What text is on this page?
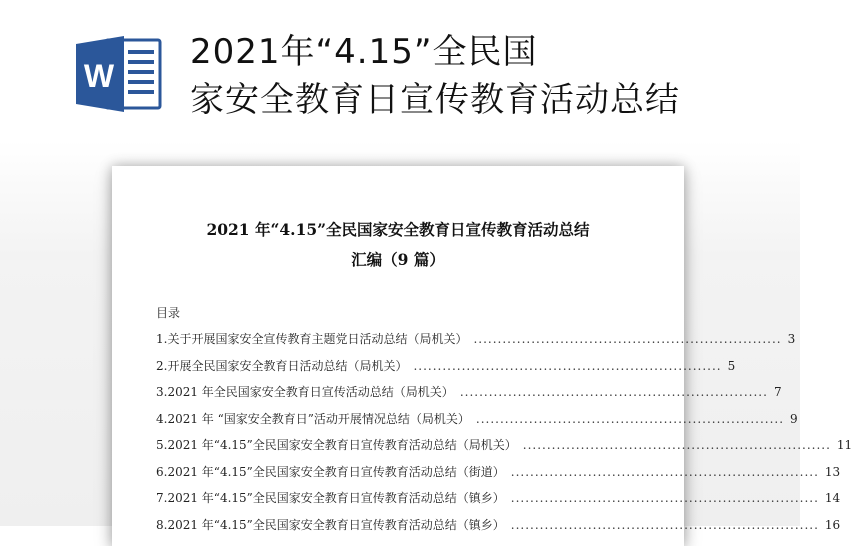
W
2021年“4.15”全民国
家安全教育日宣传教育活动总结
2021 年“4.15”全民国家安全教育日宣传教育活动总结
汇编（9 篇）
目录
1.关于开展国家安全宣传教育主题党日活动总结（局机关） ................................................................ 3
2.开展全民国家安全教育日活动总结（局机关） ................................................................ 5
3.2021 年全民国家安全教育日宣传活动总结（局机关） ................................................................ 7
4.2021 年 “国家安全教育日”活动开展情况总结（局机关） ................................................................ 9
5.2021 年“4.15”全民国家安全教育日宣传教育活动总结（局机关） ................................................................ 11
6.2021 年“4.15”全民国家安全教育日宣传教育活动总结（街道） ................................................................ 13
7.2021 年“4.15”全民国家安全教育日宣传教育活动总结（镇乡） ................................................................ 14
8.2021 年“4.15”全民国家安全教育日宣传教育活动总结（镇乡） ................................................................ 16
